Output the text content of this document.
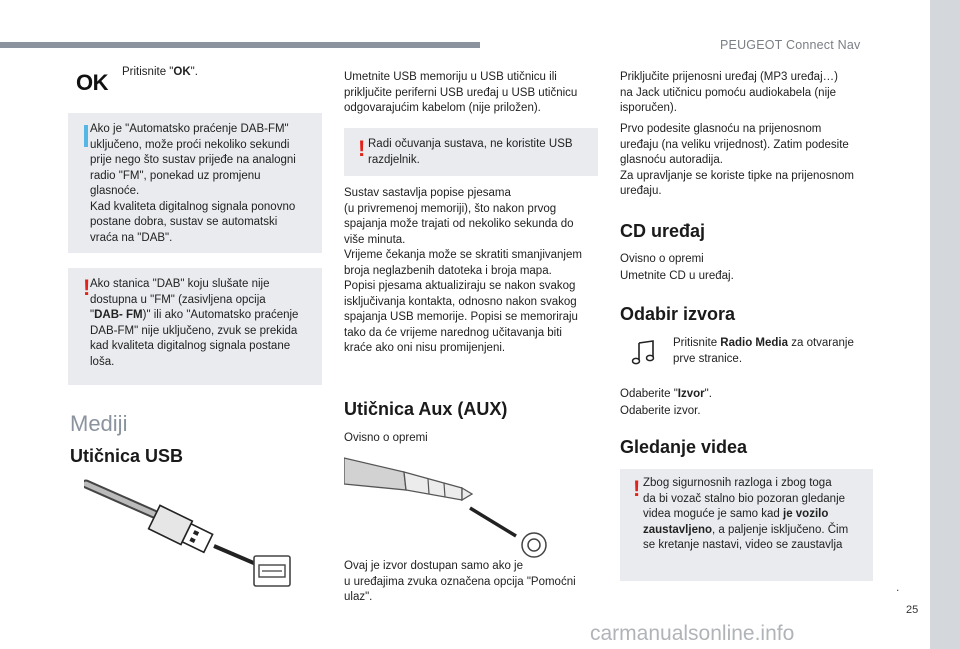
PEUGEOT Connect Nav
.
25
OK Pritisnite "OK".
Ako je "Automatsko praćenje DAB-FM"
uključeno, može proći nekoliko sekundi
prije nego što sustav prijeđe na analogni
radio "FM", ponekad uz promjenu
glasnoće.
Kad kvaliteta digitalnog signala ponovno
postane dobra, sustav se automatski
vraća na "DAB".
! Ako stanica "DAB" koju slušate nije
dostupna u "FM" (zasivljena opcija
"DAB- FM)" ili ako "Automatsko praćenje
DAB-FM" nije uključeno, zvuk se prekida
kad kvaliteta digitalnog signala postane
loša.
Mediji
Utičnica USB
Umetnite USB memoriju u USB utičnicu ili
priključite periferni USB uređaj u USB utičnicu
odgovarajućim kabelom (nije priložen).
! Radi očuvanja sustava, ne koristite USB
razdjelnik.
Sustav sastavlja popise pjesama
(u privremenoj memoriji), što nakon prvog
spajanja može trajati od nekoliko sekunda do
više minuta.
Vrijeme čekanja može se skratiti smanjivanjem
broja neglazbenih datoteka i broja mapa.
Popisi pjesama aktualiziraju se nakon svakog
isključivanja kontakta, odnosno nakon svakog
spajanja USB memorije. Popisi se memoriraju
tako da će vrijeme narednog učitavanja biti
kraće ako oni nisu promijenjeni.
Utičnica Aux (AUX)
Ovisno o opremi
Ovaj je izvor dostupan samo ako je
u uređajima zvuka označena opcija "Pomoćni
ulaz".
Priključite prijenosni uređaj (MP3 uređaj…)
na Jack utičnicu pomoću audiokabela (nije
isporučen).
Prvo podesite glasnoću na prijenosnom
uređaju (na veliku vrijednost). Zatim podesite
glasnoću autoradija.
Za upravljanje se koriste tipke na prijenosnom
uređaju.
CD uređaj
Ovisno o opremi
Umetnite CD u uređaj.
Odabir izvora
Pritisnite Radio Media za otvaranje
prve stranice.
Odaberite "Izvor".
Odaberite izvor.
Gledanje videa
! Zbog sigurnosnih razloga i zbog toga
da bi vozač stalno bio pozoran gledanje
videa moguće je samo kad je vozilo
zaustavljeno, a paljenje isključeno. Čim
se kretanje nastavi, video se zaustavlja
carmanualsonline.info
